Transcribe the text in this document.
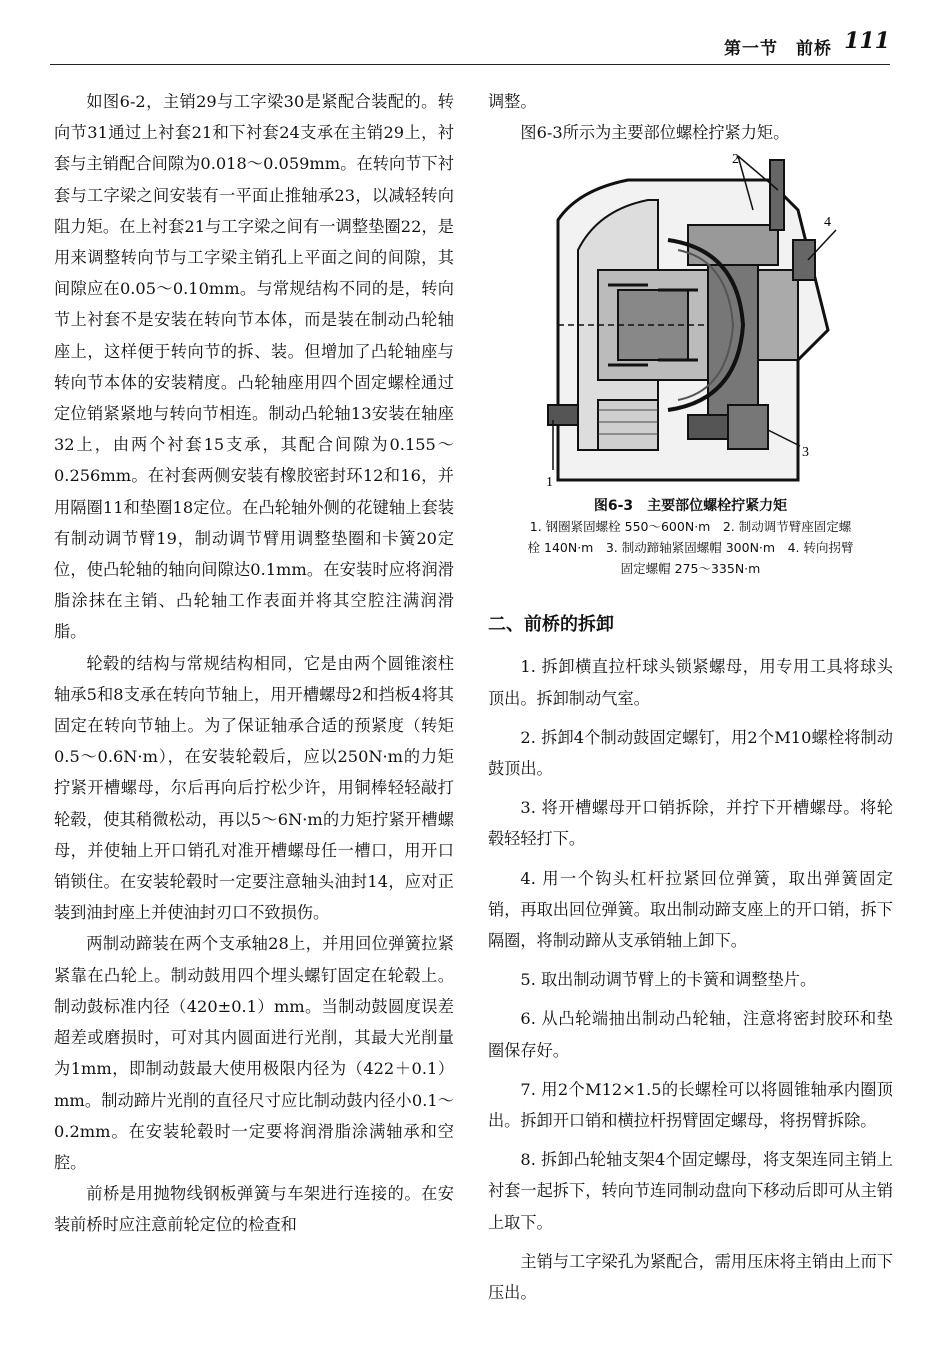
第一节　前桥 111

如图6-2，主销29与工字梁30是紧配合装配的。转向节31通过上衬套21和下衬套24支承在主销29上，衬套与主销配合间隙为0.018～0.059mm。在转向节下衬套与工字梁之间安装有一平面止推轴承23，以减轻转向阻力矩。在上衬套21与工字梁之间有一调整垫圈22，是用来调整转向节与工字梁主销孔上平面之间的间隙，其间隙应在0.05～0.10mm。与常规结构不同的是，转向节上衬套不是安装在转向节本体，而是装在制动凸轮轴座上，这样便于转向节的拆、装。但增加了凸轮轴座与转向节本体的安装精度。凸轮轴座用四个固定螺栓通过定位销紧紧地与转向节相连。制动凸轮轴13安装在轴座32上，由两个衬套15支承，其配合间隙为0.155～0.256mm。在衬套两侧安装有橡胶密封环12和16，并用隔圈11和垫圈18定位。在凸轮轴外侧的花键轴上套装有制动调节臂19，制动调节臂用调整垫圈和卡簧20定位，使凸轮轴的轴向间隙达0.1mm。在安装时应将润滑脂涂抹在主销、凸轮轴工作表面并将其空腔注满润滑脂。

轮毂的结构与常规结构相同，它是由两个圆锥滚柱轴承5和8支承在转向节轴上，用开槽螺母2和挡板4将其固定在转向节轴上。为了保证轴承合适的预紧度（转矩0.5～0.6N·m），在安装轮毂后，应以250N·m的力矩拧紧开槽螺母，尔后再向后拧松少许，用铜棒轻轻敲打轮毂，使其稍微松动，再以5～6N·m的力矩拧紧开槽螺母，并使轴上开口销孔对准开槽螺母任一槽口，用开口销锁住。在安装轮毂时一定要注意轴头油封14，应对正装到油封座上并使油封刃口不致损伤。

两制动蹄装在两个支承轴28上，并用回位弹簧拉紧紧靠在凸轮上。制动鼓用四个埋头螺钉固定在轮毂上。制动鼓标准内径（420±0.1）mm。当制动鼓圆度误差超差或磨损时，可对其内圆面进行光削，其最大光削量为1mm，即制动鼓最大使用极限内径为（422＋0.1）mm。制动蹄片光削的直径尺寸应比制动鼓内径小0.1～0.2mm。在安装轮毂时一定要将润滑脂涂满轴承和空腔。

前桥是用抛物线钢板弹簧与车架进行连接的。在安装前桥时应注意前轮定位的检查和

调整。

图6-3所示为主要部位螺栓拧紧力矩。

1
2
3
4
图6-3　主要部位螺栓拧紧力矩
1. 钢圈紧固螺栓 550～600N·m　2. 制动调节臂座固定螺栓 140N·m　3. 制动蹄轴紧固螺帽 300N·m　4. 转向拐臂固定螺帽 275～335N·m
二、前桥的拆卸

1. 拆卸横直拉杆球头锁紧螺母，用专用工具将球头顶出。拆卸制动气室。

2. 拆卸4个制动鼓固定螺钉，用2个M10螺栓将制动鼓顶出。

3. 将开槽螺母开口销拆除，并拧下开槽螺母。将轮毂轻轻打下。

4. 用一个钩头杠杆拉紧回位弹簧，取出弹簧固定销，再取出回位弹簧。取出制动蹄支座上的开口销，拆下隔圈，将制动蹄从支承销轴上卸下。

5. 取出制动调节臂上的卡簧和调整垫片。

6. 从凸轮端抽出制动凸轮轴，注意将密封胶环和垫圈保存好。

7. 用2个M12×1.5的长螺栓可以将圆锥轴承内圈顶出。拆卸开口销和横拉杆拐臂固定螺母，将拐臂拆除。

8. 拆卸凸轮轴支架4个固定螺母，将支架连同主销上衬套一起拆下，转向节连同制动盘向下移动后即可从主销上取下。

主销与工字梁孔为紧配合，需用压床将主销由上而下压出。
